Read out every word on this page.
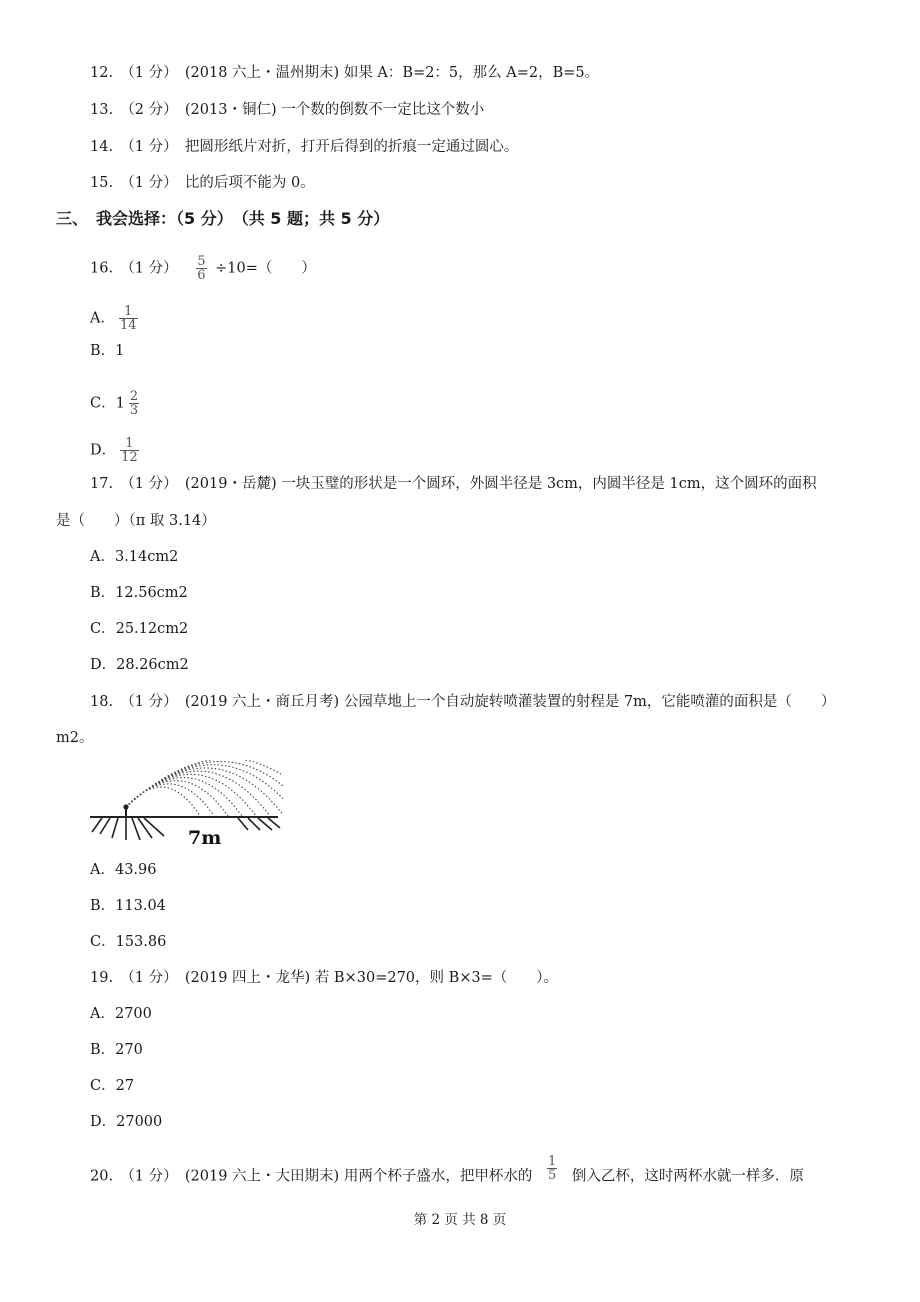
12.　（1 分）　(2018 六上・温州期末) 如果 A：B=2：5，那么 A=2，B=5。
13.　（2 分）　(2013・铜仁) 一个数的倒数不一定比这个数小
14.　（1 分）　把圆形纸片对折，打开后得到的折痕一定通过圆心。
15.　（1 分）　比的后项不能为 0。
三、　我会选择：（5 分）　（共 5 题；共 5 分）
16.　（1 分） $\frac{5}{6} \div 10=$（　　）
A． $\frac{1}{14}$
B．1
C．$1 \frac{2}{3}$
D． $\frac{1}{12}$
17.　（1 分）　(2019・岳麓) 一块玉璧的形状是一个圆环，外圆半径是 3cm，内圆半径是 1cm，这个圆环的面积
是（　　）（π 取 3.14）
A．3.14cm2
B．12.56cm2
C．25.12cm2
D．28.26cm2
18.　（1 分）　(2019 六上・商丘月考) 公园草地上一个自动旋转喷灌装置的射程是 7m，它能喷灌的面积是（　　）
m2。
7m
A．43.96
B．113.04
C．153.86
19.　（1 分）　(2019 四上・龙华) 若 B×30=270，则 B×3=（　　）。
A．2700
B．270
C．27
D．27000
20.　（1 分）　(2019 六上・大田期末) 用两个杯子盛水，把甲杯水的 $\frac{1}{5}$ 倒入乙杯，这时两杯水就一样多．原
第 2 页 共 8 页
